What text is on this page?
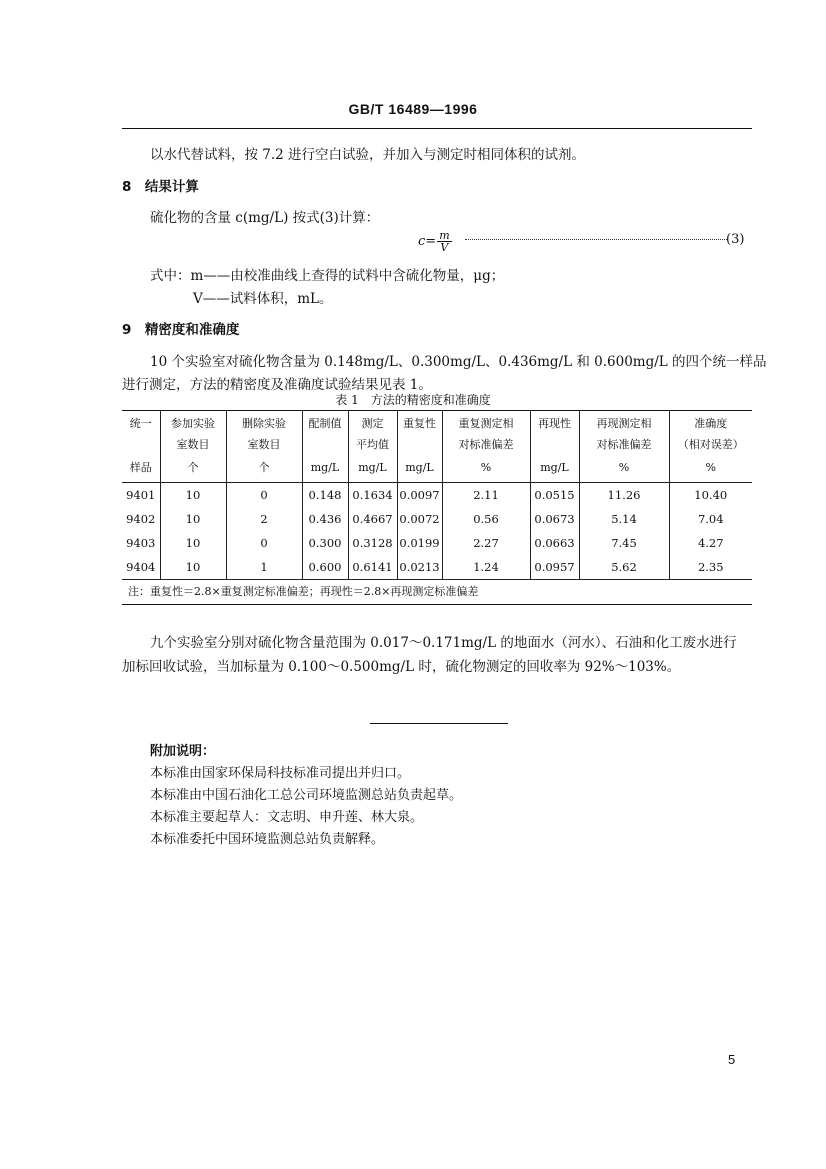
GB/T 16489—1996
以水代替试料，按 7.2 进行空白试验，并加入与测定时相同体积的试剂。
8　结果计算
硫化物的含量 c(mg/L) 按式(3)计算：
$c= \frac{m}{V}$	(3)
式中：m——由校准曲线上查得的试料中含硫化物量，μg；
V——试料体积，mL。
9　精密度和准确度
10 个实验室对硫化物含量为 0.148mg/L、0.300mg/L、0.436mg/L 和 0.600mg/L 的四个统一样品
进行测定，方法的精密度及准确度试验结果见表 1。
表 1　方法的精密度和准确度
统一	参加实验	删除实验	配制值	测定	重复性	重复测定相	再现性	再现测定相	准确度
	室数目	室数目		平均值		对标准偏差		对标准偏差	（相对误差）
样品	个	个	mg/L	mg/L	mg/L	%	mg/L	%	%
9401	10	0	0.148	0.1634	0.0097	2.11	0.0515	11.26	10.40
9402	10	2	0.436	0.4667	0.0072	0.56	0.0673	5.14	7.04
9403	10	0	0.300	0.3128	0.0199	2.27	0.0663	7.45	4.27
9404	10	1	0.600	0.6141	0.0213	1.24	0.0957	5.62	2.35
注：重复性＝2.8×重复测定标准偏差；再现性＝2.8×再现测定标准偏差									
九个实验室分别对硫化物含量范围为 0.017～0.171mg/L 的地面水（河水）、石油和化工废水进行
加标回收试验，当加标量为 0.100～0.500mg/L 时，硫化物测定的回收率为 92%～103%。
附加说明：
本标准由国家环保局科技标准司提出并归口。
本标准由中国石油化工总公司环境监测总站负责起草。
本标准主要起草人：文志明、申升莲、林大泉。
本标准委托中国环境监测总站负责解释。
5
